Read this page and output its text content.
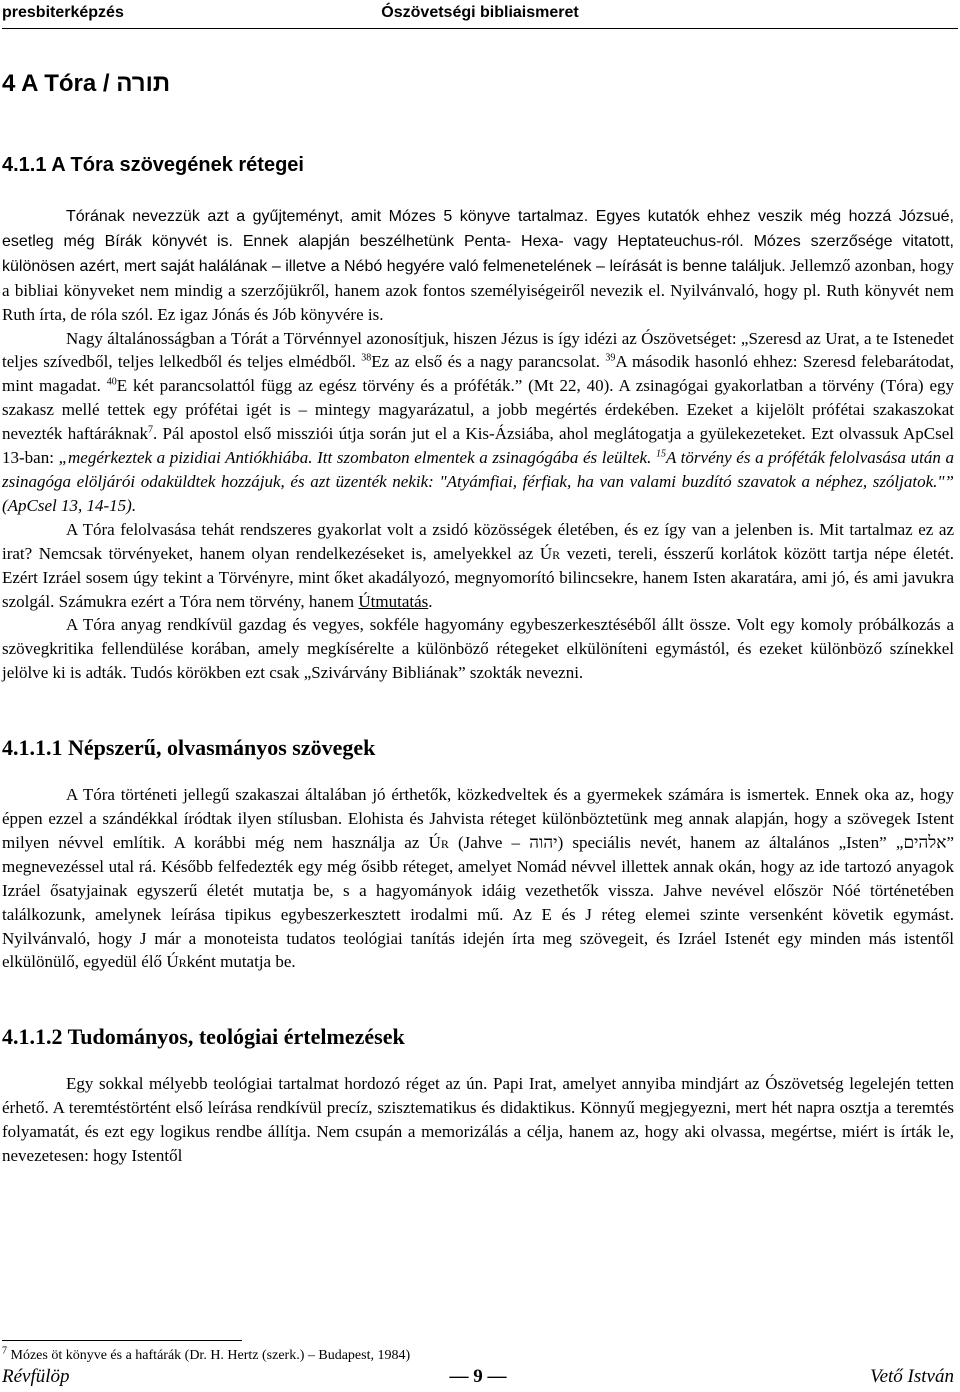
presbiterképzés	Ószövetségi bibliaismeret
4 A Tóra / תורה
4.1.1 A Tóra szövegének rétegei

Tórának nevezzük azt a gyűjteményt, amit Mózes 5 könyve tartalmaz. Egyes kutatók ehhez veszik még hozzá Józsué, esetleg még Bírák könyvét is. Ennek alapján beszélhetünk Penta- Hexa- vagy Heptateuchus-ról. Mózes szerzősége vitatott, különösen azért, mert saját halálának – illetve a Nébó hegyére való felmenetelének – leírását is benne találjuk. Jellemző azonban, hogy a bibliai könyveket nem mindig a szerzőjükről, hanem azok fontos személyiségeiről nevezik el. Nyilvánvaló, hogy pl. Ruth könyvét nem Ruth írta, de róla szól. Ez igaz Jónás és Jób könyvére is.

Nagy általánosságban a Tórát a Törvénnyel azonosítjuk, hiszen Jézus is így idézi az Ószövetséget: „Szeresd az Urat, a te Istenedet teljes szívedből, teljes lelkedből és teljes elmédből. $^{38}$Ez az első és a nagy parancsolat. $^{39}$A második hasonló ehhez: Szeresd felebarátodat, mint magadat. $^{40}$E két parancsolattól függ az egész törvény és a próféták.” (Mt 22, 40). A zsinagógai gyakorlatban a törvény (Tóra) egy szakasz mellé tettek egy prófétai igét is – mintegy magyarázatul, a jobb megértés érdekében. Ezeket a kijelölt prófétai szakaszokat nevezték haftáráknak$^7$. Pál apostol első missziói útja során jut el a Kis-Ázsiába, ahol meglátogatja a gyülekezeteket. Ezt olvassuk ApCsel 13-ban: „megérkeztek a pizidiai Antiókhiába. Itt szombaton elmentek a zsinagógába és leültek. $^{15}$A törvény és a próféták felolvasása után a zsinagóga elöljárói odaküldtek hozzájuk, és azt üzenték nekik: "Atyámfiai, férfiak, ha van valami buzdító szavatok a néphez, szóljatok."” (ApCsel 13, 14-15).

A Tóra felolvasása tehát rendszeres gyakorlat volt a zsidó közösségek életében, és ez így van a jelenben is. Mit tartalmaz ez az irat? Nemcsak törvényeket, hanem olyan rendelkezéseket is, amelyekkel az Úr vezeti, tereli, ésszerű korlátok között tartja népe életét. Ezért Izráel sosem úgy tekint a Törvényre, mint őket akadályozó, megnyomorító bilincsekre, hanem Isten akaratára, ami jó, és ami javukra szolgál. Számukra ezért a Tóra nem törvény, hanem Útmutatás.

A Tóra anyag rendkívül gazdag és vegyes, sokféle hagyomány egybeszerkesztéséből állt össze. Volt egy komoly próbálkozás a szövegkritika fellendülése korában, amely megkísérelte a különböző rétegeket elkülöníteni egymástól, és ezeket különböző színekkel jelölve ki is adták. Tudós körökben ezt csak „Szivárvány Bibliának” szokták nevezni.

4.1.1.1 Népszerű, olvasmányos szövegek

A Tóra történeti jellegű szakaszai általában jó érthetők, közkedveltek és a gyermekek számára is ismertek. Ennek oka az, hogy éppen ezzel a szándékkal íródtak ilyen stílusban. Elohista és Jahvista réteget különböztetünk meg annak alapján, hogy a szövegek Istent milyen névvel említik. A korábbi még nem használja az Úr (Jahve – יהוה) speciális nevét, hanem az általános „Isten” „אלהים” megnevezéssel utal rá. Később felfedezték egy még ősibb réteget, amelyet Nomád névvel illettek annak okán, hogy az ide tartozó anyagok Izráel ősatyjainak egyszerű életét mutatja be, s a hagyományok idáig vezethetők vissza. Jahve nevével először Nóé történetében találkozunk, amelynek leírása tipikus egybeszerkesztett irodalmi mű. Az E és J réteg elemei szinte versenként követik egymást. Nyilvánvaló, hogy J már a monoteista tudatos teológiai tanítás idején írta meg szövegeit, és Izráel Istenét egy minden más istentől elkülönülő, egyedül élő Úrként mutatja be.

4.1.1.2 Tudományos, teológiai értelmezések

Egy sokkal mélyebb teológiai tartalmat hordozó réget az ún. Papi Irat, amelyet annyiba mindjárt az Ószövetség legelején tetten érhető. A teremtéstörtént első leírása rendkívül precíz, szisztematikus és didaktikus. Könnyű megjegyezni, mert hét napra osztja a teremtés folyamatát, és ezt egy logikus rendbe állítja. Nem csupán a memorizálás a célja, hanem az, hogy aki olvassa, megértse, miért is írták le, nevezetesen: hogy Istentől

$^7$ Mózes öt könyve és a haftárák (Dr. H. Hertz (szerk.) – Budapest, 1984)
Révfülöp	— 9 —	Vető István
